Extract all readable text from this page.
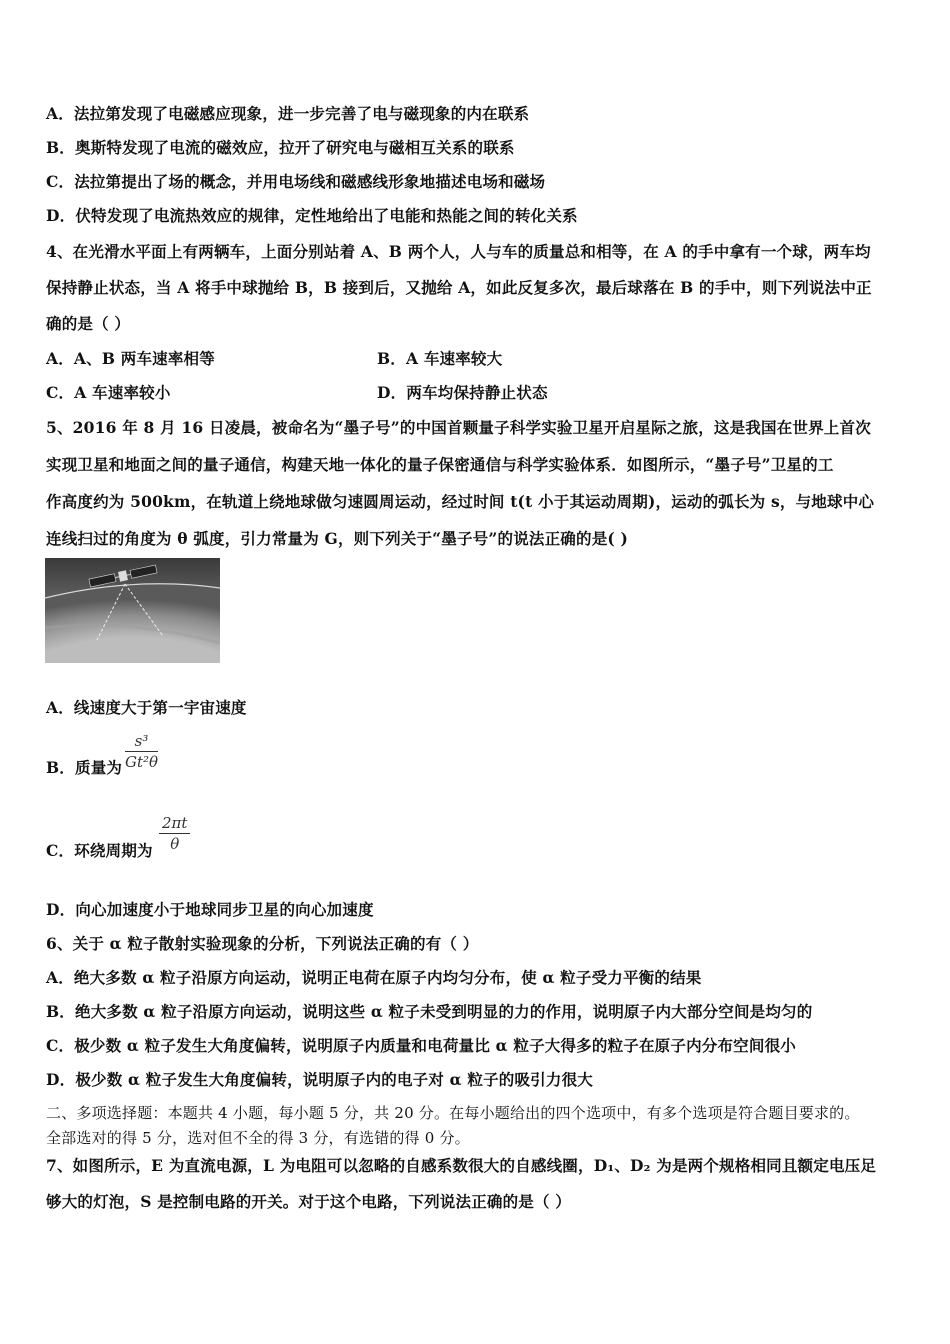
A．法拉第发现了电磁感应现象，进一步完善了电与磁现象的内在联系
B．奥斯特发现了电流的磁效应，拉开了研究电与磁相互关系的联系
C．法拉第提出了场的概念，并用电场线和磁感线形象地描述电场和磁场
D．伏特发现了电流热效应的规律，定性地给出了电能和热能之间的转化关系
4、在光滑水平面上有两辆车，上面分别站着 A、B 两个人，人与车的质量总和相等，在 A 的手中拿有一个球，两车均
保持静止状态，当 A 将手中球抛给 B，B 接到后，又抛给 A，如此反复多次，最后球落在 B 的手中，则下列说法中正
确的是（ ）
A．A、B 两车速率相等	B．A 车速率较大
C．A 车速率较小	D．两车均保持静止状态
5、2016 年 8 月 16 日凌晨，被命名为“墨子号”的中国首颗量子科学实验卫星开启星际之旅，这是我国在世界上首次
实现卫星和地面之间的量子通信，构建天地一体化的量子保密通信与科学实验体系．如图所示，“墨子号”卫星的工
作高度约为 500km，在轨道上绕地球做匀速圆周运动，经过时间 t(t 小于其运动周期)，运动的弧长为 s，与地球中心
连线扫过的角度为 θ 弧度，引力常量为 G，则下列关于“墨子号”的说法正确的是( )
A．线速度大于第一宇宙速度
B．质量为 $\frac{\text{s³}}{\text{Gt²θ}}$
C．环绕周期为 $\frac{2\pi t}{\theta}$
D．向心加速度小于地球同步卫星的向心加速度
6、关于 α 粒子散射实验现象的分析，下列说法正确的有（ ）
A．绝大多数 α 粒子沿原方向运动，说明正电荷在原子内均匀分布，使 α 粒子受力平衡的结果
B．绝大多数 α 粒子沿原方向运动，说明这些 α 粒子未受到明显的力的作用，说明原子内大部分空间是均匀的
C．极少数 α 粒子发生大角度偏转，说明原子内质量和电荷量比 α 粒子大得多的粒子在原子内分布空间很小
D．极少数 α 粒子发生大角度偏转，说明原子内的电子对 α 粒子的吸引力很大
二、多项选择题：本题共 4 小题，每小题 5 分，共 20 分。在每小题给出的四个选项中，有多个选项是符合题目要求的。
全部选对的得 5 分，选对但不全的得 3 分，有选错的得 0 分。
7、如图所示，E 为直流电源，L 为电阻可以忽略的自感系数很大的自感线圈，D₁、D₂ 为是两个规格相同且额定电压足
够大的灯泡，S 是控制电路的开关。对于这个电路，下列说法正确的是（ ）
